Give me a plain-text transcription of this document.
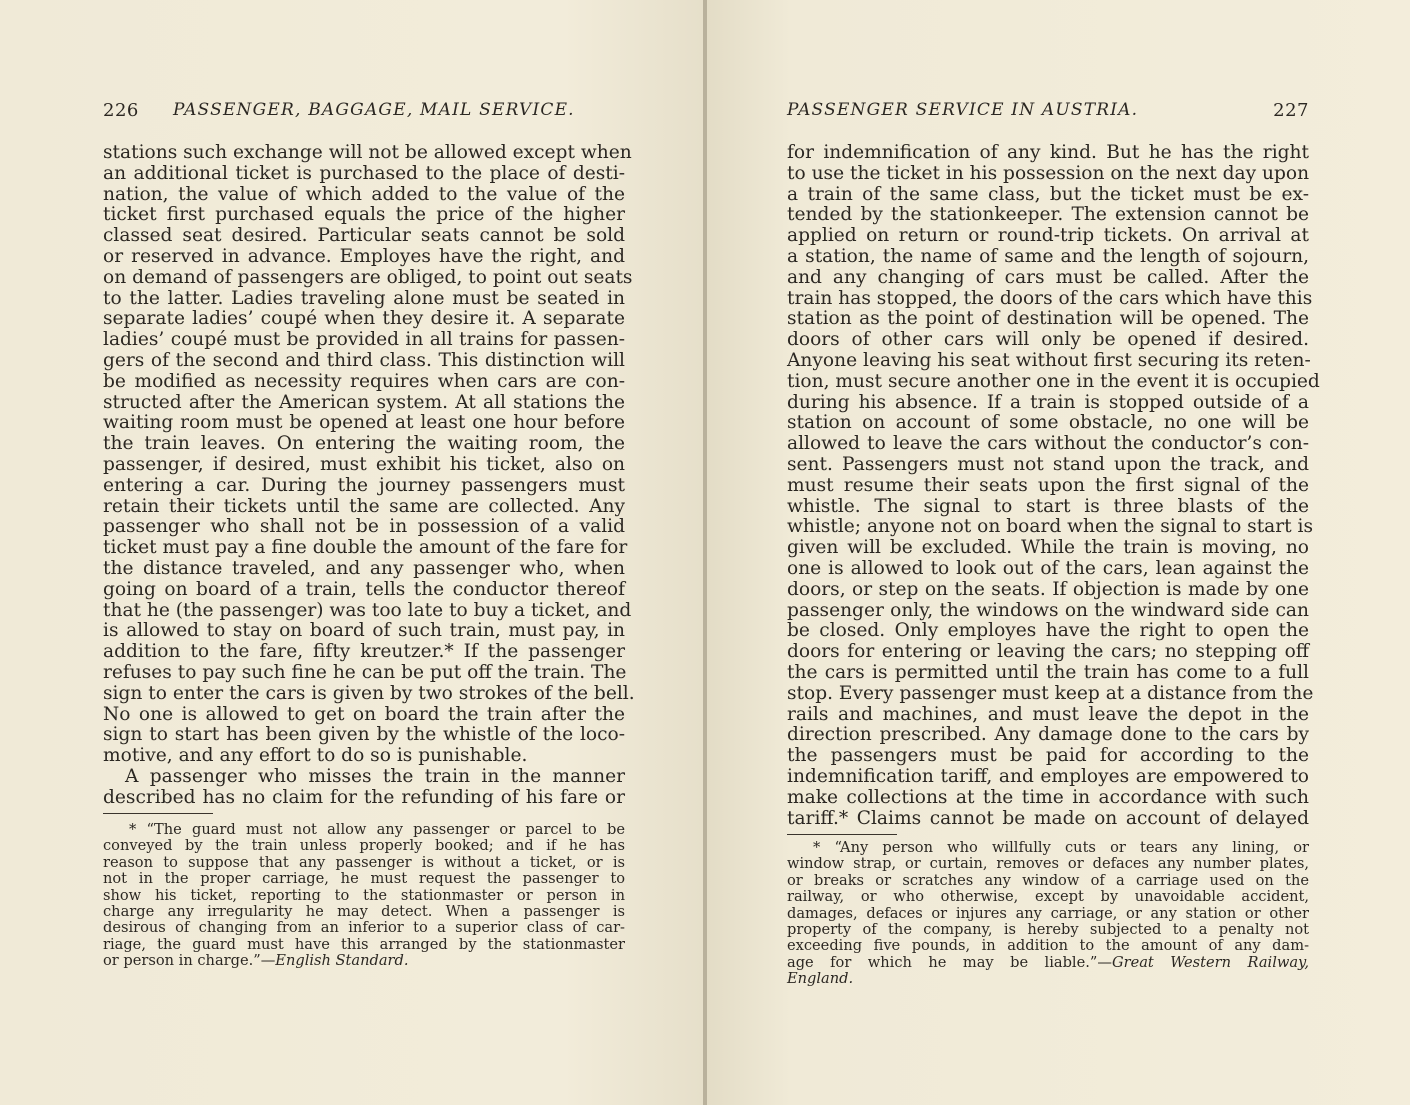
226 PASSENGER, BAGGAGE, MAIL SERVICE.
stations such exchange will not be allowed except when
an additional ticket is purchased to the place of desti-
nation, the value of which added to the value of the
ticket first purchased equals the price of the higher
classed seat desired. Particular seats cannot be sold
or reserved in advance. Employes have the right, and
on demand of passengers are obliged, to point out seats
to the latter. Ladies traveling alone must be seated in
separate ladies’ coupé when they desire it. A separate
ladies’ coupé must be provided in all trains for passen-
gers of the second and third class. This distinction will
be modified as necessity requires when cars are con-
structed after the American system. At all stations the
waiting room must be opened at least one hour before
the train leaves. On entering the waiting room, the
passenger, if desired, must exhibit his ticket, also on
entering a car. During the journey passengers must
retain their tickets until the same are collected. Any
passenger who shall not be in possession of a valid
ticket must pay a fine double the amount of the fare for
the distance traveled, and any passenger who, when
going on board of a train, tells the conductor thereof
that he (the passenger) was too late to buy a ticket, and
is allowed to stay on board of such train, must pay, in
addition to the fare, fifty kreutzer.* If the passenger
refuses to pay such fine he can be put off the train. The
sign to enter the cars is given by two strokes of the bell.
No one is allowed to get on board the train after the
sign to start has been given by the whistle of the loco-
motive, and any effort to do so is punishable.
A passenger who misses the train in the manner
described has no claim for the refunding of his fare or
* “The guard must not allow any passenger or parcel to be
conveyed by the train unless properly booked; and if he has
reason to suppose that any passenger is without a ticket, or is
not in the proper carriage, he must request the passenger to
show his ticket, reporting to the stationmaster or person in
charge any irregularity he may detect. When a passenger is
desirous of changing from an inferior to a superior class of car-
riage, the guard must have this arranged by the stationmaster
or person in charge.”—English Standard.
PASSENGER SERVICE IN AUSTRIA.	227
for indemnification of any kind. But he has the right
to use the ticket in his possession on the next day upon
a train of the same class, but the ticket must be ex-
tended by the stationkeeper. The extension cannot be
applied on return or round-trip tickets. On arrival at
a station, the name of same and the length of sojourn,
and any changing of cars must be called. After the
train has stopped, the doors of the cars which have this
station as the point of destination will be opened. The
doors of other cars will only be opened if desired.
Anyone leaving his seat without first securing its reten-
tion, must secure another one in the event it is occupied
during his absence. If a train is stopped outside of a
station on account of some obstacle, no one will be
allowed to leave the cars without the conductor’s con-
sent. Passengers must not stand upon the track, and
must resume their seats upon the first signal of the
whistle. The signal to start is three blasts of the
whistle; anyone not on board when the signal to start is
given will be excluded. While the train is moving, no
one is allowed to look out of the cars, lean against the
doors, or step on the seats. If objection is made by one
passenger only, the windows on the windward side can
be closed. Only employes have the right to open the
doors for entering or leaving the cars; no stepping off
the cars is permitted until the train has come to a full
stop. Every passenger must keep at a distance from the
rails and machines, and must leave the depot in the
direction prescribed. Any damage done to the cars by
the passengers must be paid for according to the
indemnification tariff, and employes are empowered to
make collections at the time in accordance with such
tariff.* Claims cannot be made on account of delayed
* “Any person who willfully cuts or tears any lining, or
window strap, or curtain, removes or defaces any number plates,
or breaks or scratches any window of a carriage used on the
railway, or who otherwise, except by unavoidable accident,
damages, defaces or injures any carriage, or any station or other
property of the company, is hereby subjected to a penalty not
exceeding five pounds, in addition to the amount of any dam-
age for which he may be liable.”—Great Western Railway,
England.
